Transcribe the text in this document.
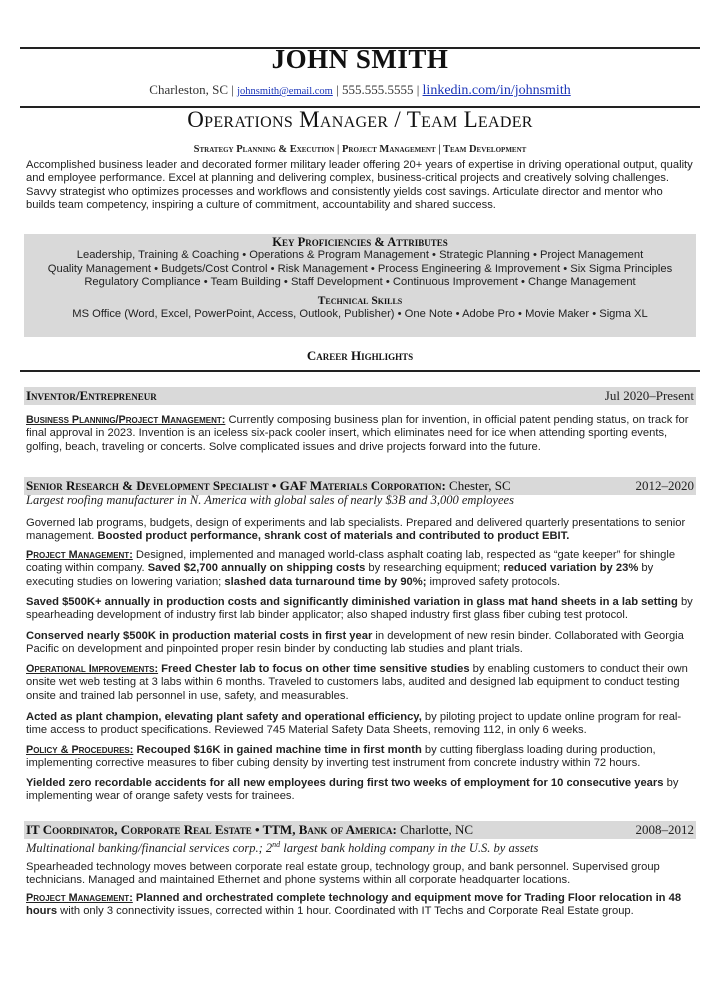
JOHN SMITH
Charleston, SC | johnsmith@email.com | 555.555.5555 | linkedin.com/in/johnsmith
Operations Manager / Team Leader
Strategy Planning & Execution | Project Management | Team Development
Accomplished business leader and decorated former military leader offering 20+ years of expertise in driving operational output, quality and employee performance. Excel at planning and delivering complex, business-critical projects and creatively solving challenges. Savvy strategist who optimizes processes and workflows and consistently yields cost savings. Articulate director and mentor who builds team competency, inspiring a culture of commitment, accountability and shared success.
Key Proficiencies & Attributes
Leadership, Training & Coaching • Operations & Program Management • Strategic Planning • Project Management
Quality Management • Budgets/Cost Control • Risk Management • Process Engineering & Improvement • Six Sigma Principles
Regulatory Compliance • Team Building • Staff Development • Continuous Improvement • Change Management
Technical Skills
MS Office (Word, Excel, PowerPoint, Access, Outlook, Publisher) • One Note • Adobe Pro • Movie Maker • Sigma XL
Career Highlights
Inventor/Entrepreneur	Jul 2020–Present
Business Planning/Project Management: Currently composing business plan for invention, in official patent pending status, on track for final approval in 2023. Invention is an iceless six-pack cooler insert, which eliminates need for ice when attending sporting events, golfing, beach, traveling or concerts. Solve complicated issues and drive projects forward into the future.
Senior Research & Development Specialist • GAF Materials Corporation: Chester, SC	2012–2020
Largest roofing manufacturer in N. America with global sales of nearly $3B and 3,000 employees
Governed lab programs, budgets, design of experiments and lab specialists. Prepared and delivered quarterly presentations to senior management. Boosted product performance, shrank cost of materials and contributed to product EBIT.
Project Management: Designed, implemented and managed world-class asphalt coating lab, respected as “gate keeper” for shingle coating within company. Saved $2,700 annually on shipping costs by researching equipment; reduced variation by 23% by executing studies on lowering variation; slashed data turnaround time by 90%; improved safety protocols.
Saved $500K+ annually in production costs and significantly diminished variation in glass mat hand sheets in a lab setting by spearheading development of industry first lab binder applicator; also shaped industry first glass fiber cubing test protocol.
Conserved nearly $500K in production material costs in first year in development of new resin binder. Collaborated with Georgia Pacific on development and pinpointed proper resin binder by conducting lab studies and plant trials.
Operational Improvements: Freed Chester lab to focus on other time sensitive studies by enabling customers to conduct their own onsite wet web testing at 3 labs within 6 months. Traveled to customers labs, audited and designed lab equipment to conduct testing onsite and trained lab personnel in use, safety, and measurables.
Acted as plant champion, elevating plant safety and operational efficiency, by piloting project to update online program for real-time access to product specifications. Reviewed 745 Material Safety Data Sheets, removing 112, in only 6 weeks.
Policy & Procedures: Recouped $16K in gained machine time in first month by cutting fiberglass loading during production, implementing corrective measures to fiber cubing density by inverting test instrument from concrete industry within 72 hours.
Yielded zero recordable accidents for all new employees during first two weeks of employment for 10 consecutive years by implementing wear of orange safety vests for trainees.
IT Coordinator, Corporate Real Estate • TTM, Bank of America: Charlotte, NC	2008–2012
Multinational banking/financial services corp.; 2nd largest bank holding company in the U.S. by assets
Spearheaded technology moves between corporate real estate group, technology group, and bank personnel. Supervised group technicians. Managed and maintained Ethernet and phone systems within all corporate headquarter locations.
Project Management: Planned and orchestrated complete technology and equipment move for Trading Floor relocation in 48 hours with only 3 connectivity issues, corrected within 1 hour. Coordinated with IT Techs and Corporate Real Estate group.
